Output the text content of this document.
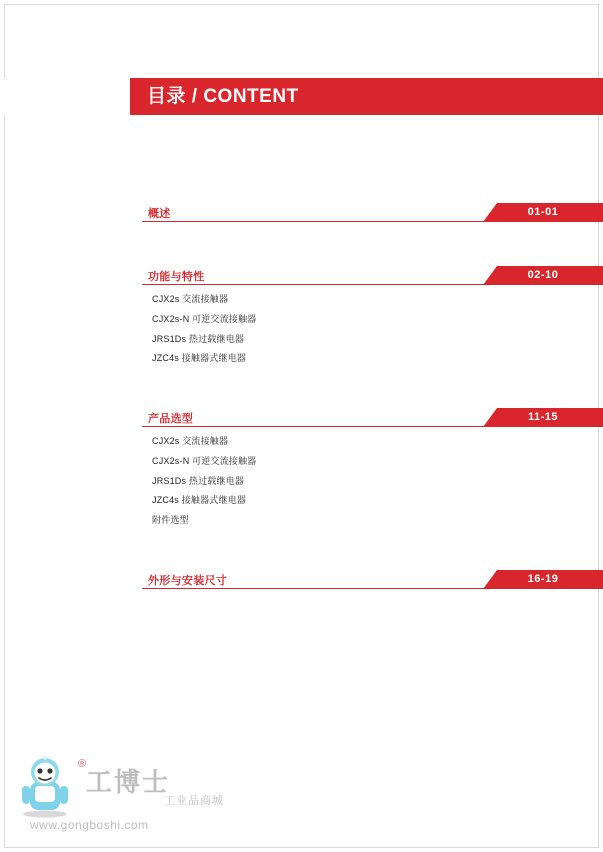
目录 / CONTENT
概述	01-01
功能与特性	02-10
CJX2s 交流接触器
CJX2s-N 可逆交流接触器
JRS1Ds 热过载继电器
JZC4s 接触器式继电器
产品选型	11-15
CJX2s 交流接触器
CJX2s-N 可逆交流接触器
JRS1Ds 热过载继电器
JZC4s 接触器式继电器
附件选型
外形与安装尺寸	16-19
®
工博士
工业品商城
www.gongboshi.com
